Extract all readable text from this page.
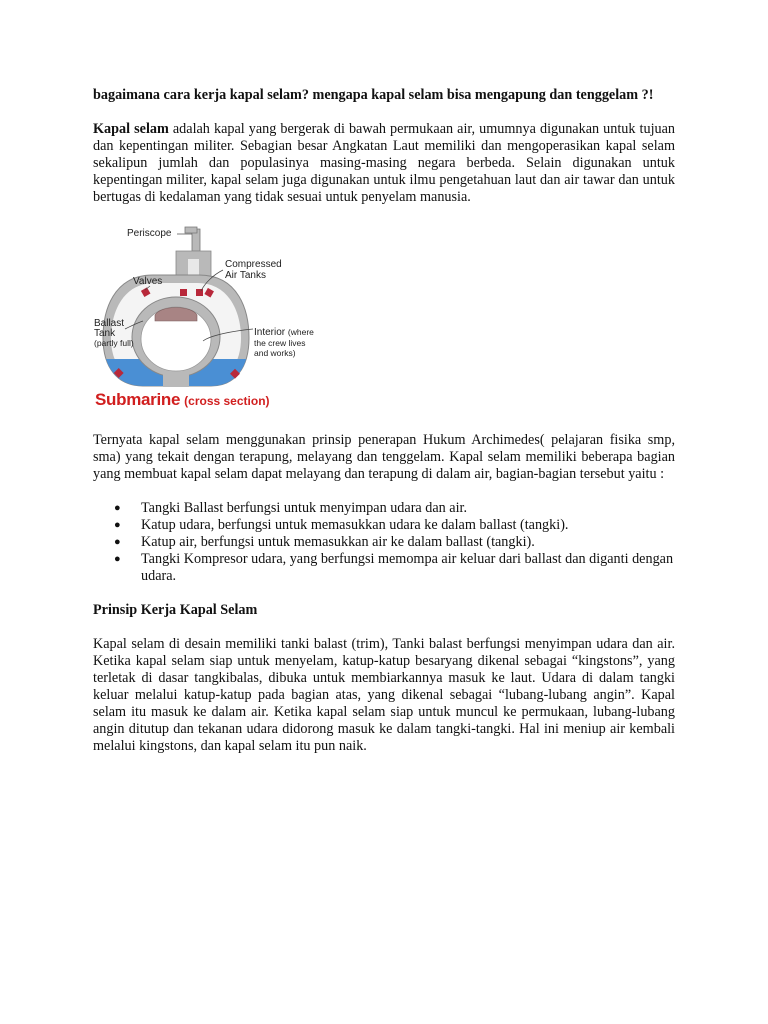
bagaimana cara kerja kapal selam? mengapa kapal selam bisa mengapung dan tenggelam ?!

Kapal selam adalah kapal yang bergerak di bawah permukaan air, umumnya digunakan untuk tujuan dan kepentingan militer. Sebagian besar Angkatan Laut memiliki dan mengoperasikan kapal selam sekalipun jumlah dan populasinya masing-masing negara berbeda. Selain digunakan untuk kepentingan militer, kapal selam juga digunakan untuk ilmu pengetahuan laut dan air tawar dan untuk bertugas di kedalaman yang tidak sesuai untuk penyelam manusia.

Periscope
Compressed
Air Tanks
Valves
Ballast
Tank
(partly full)
Interior (where
the crew lives
and works)
Submarine (cross section)

Ternyata kapal selam menggunakan prinsip penerapan Hukum Archimedes( pelajaran fisika smp, sma) yang tekait dengan terapung, melayang dan tenggelam. Kapal selam memiliki beberapa bagian yang membuat kapal selam dapat melayang dan terapung di dalam air, bagian-bagian tersebut yaitu :

● Tangki Ballast berfungsi untuk menyimpan udara dan air.
● Katup udara, berfungsi untuk memasukkan udara ke dalam ballast (tangki).
● Katup air, berfungsi untuk memasukkan air ke dalam ballast (tangki).
● Tangki Kompresor udara, yang berfungsi memompa air keluar dari ballast dan diganti dengan udara.
Prinsip Kerja Kapal Selam

Kapal selam di desain memiliki tanki balast (trim), Tanki balast berfungsi menyimpan udara dan air. Ketika kapal selam siap untuk menyelam, katup-katup besaryang dikenal sebagai “kingstons”, yang terletak di dasar tangkibalas, dibuka untuk membiarkannya masuk ke laut. Udara di dalam tangki keluar melalui katup-katup pada bagian atas, yang dikenal sebagai “lubang-lubang angin”. Kapal selam itu masuk ke dalam air. Ketika kapal selam siap untuk muncul ke permukaan, lubang-lubang angin ditutup dan tekanan udara didorong masuk ke dalam tangki-tangki. Hal ini meniup air kembali melalui kingstons, dan kapal selam itu pun naik.
